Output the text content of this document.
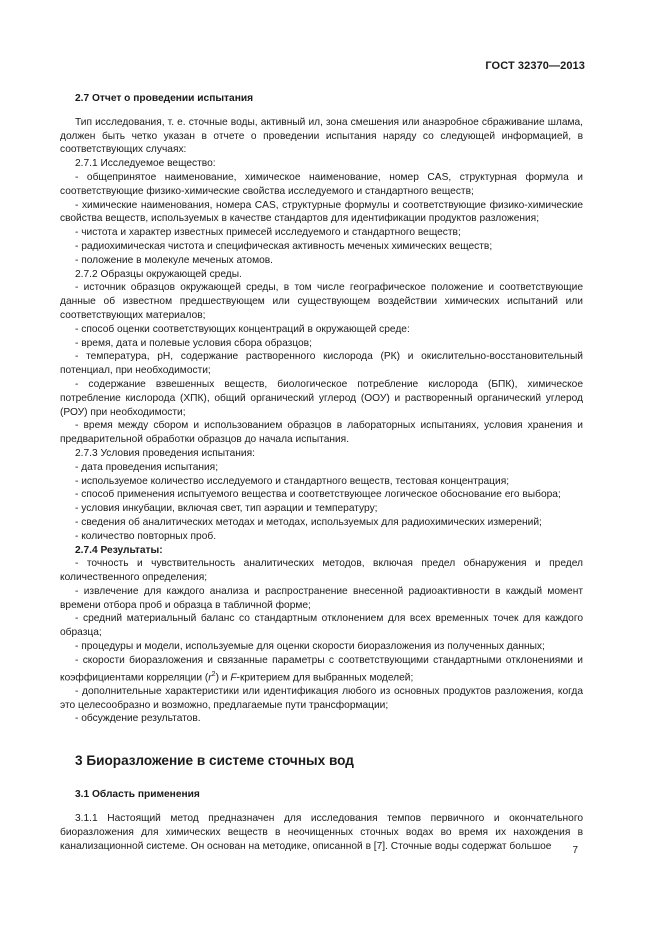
ГОСТ 32370—2013

2.7 Отчет о проведении испытания

Тип исследования, т. е. сточные воды, активный ил, зона смешения или анаэробное сбраживание шлама, должен быть четко указан в отчете о проведении испытания наряду со следующей информацией, в соответствующих случаях:

2.7.1 Исследуемое вещество:

- общепринятое наименование, химическое наименование, номер CAS, структурная формула и соответствующие физико-химические свойства исследуемого и стандартного веществ;

- химические наименования, номера CAS, структурные формулы и соответствующие физико-химические свойства веществ, используемых в качестве стандартов для идентификации продуктов разложения;

- чистота и характер известных примесей исследуемого и стандартного веществ;

- радиохимическая чистота и специфическая активность меченых химических веществ;

- положение в молекуле меченых атомов.

2.7.2 Образцы окружающей среды.

- источник образцов окружающей среды, в том числе географическое положение и соответствующие данные об известном предшествующем или существующем воздействии химических испытаний или соответствующих материалов;

- способ оценки соответствующих концентраций в окружающей среде:

- время, дата и полевые условия сбора образцов;

- температура, pH, содержание растворенного кислорода (РК) и окислительно-восстановительный потенциал, при необходимости;

- содержание взвешенных веществ, биологическое потребление кислорода (БПК), химическое потребление кислорода (ХПК), общий органический углерод (ООУ) и растворенный органический углерод (РОУ) при необходимости;

- время между сбором и использованием образцов в лабораторных испытаниях, условия хранения и предварительной обработки образцов до начала испытания.

2.7.3 Условия проведения испытания:

- дата проведения испытания;

- используемое количество исследуемого и стандартного веществ, тестовая концентрация;

- способ применения испытуемого вещества и соответствующее логическое обоснование его выбора;

- условия инкубации, включая свет, тип аэрации и температуру;

- сведения об аналитических методах и методах, используемых для радиохимических измерений;

- количество повторных проб.

2.7.4 Результаты:

- точность и чувствительность аналитических методов, включая предел обнаружения и предел количественного определения;

- извлечение для каждого анализа и распространение внесенной радиоактивности в каждый момент времени отбора проб и образца в табличной форме;

- средний материальный баланс со стандартным отклонением для всех временных точек для каждого образца;

- процедуры и модели, используемые для оценки скорости биоразложения из полученных данных;

- скорости биоразложения и связанные параметры с соответствующими стандартными отклонениями и коэффициентами корреляции $(r^2)$ и F-критерием для выбранных моделей;

- дополнительные характеристики или идентификация любого из основных продуктов разложения, когда это целесообразно и возможно, предлагаемые пути трансформации;

- обсуждение результатов.

3 Биоразложение в системе сточных вод

3.1 Область применения

3.1.1 Настоящий метод предназначен для исследования темпов первичного и окончательного биоразложения для химических веществ в неочищенных сточных водах во время их нахождения в канализационной системе. Он основан на методике, описанной в [7]. Сточные воды содержат большое	7
